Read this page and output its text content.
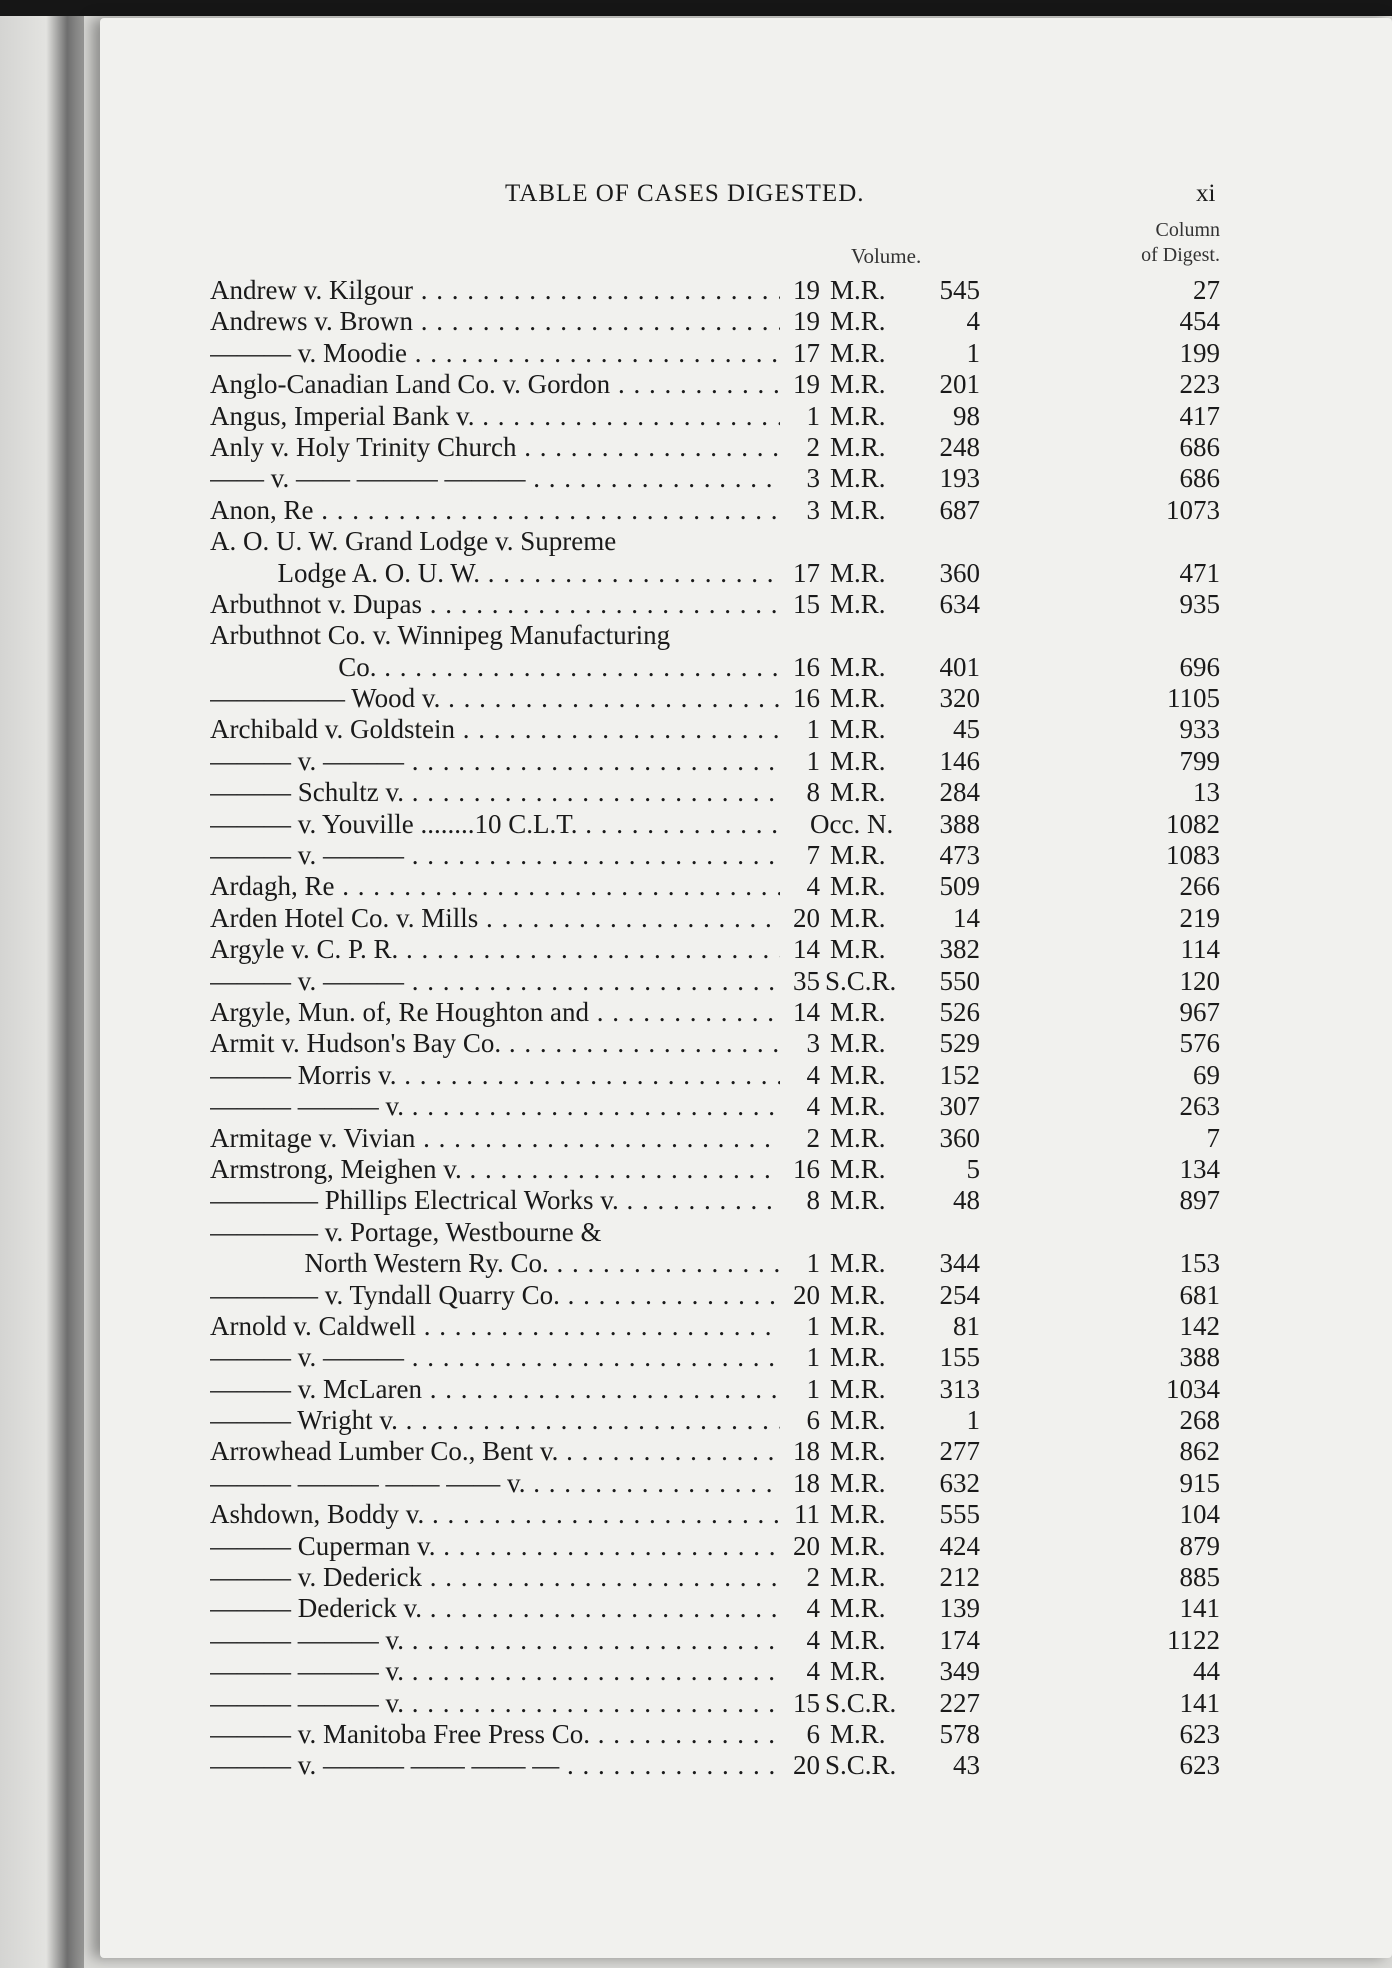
TABLE OF CASES DIGESTED.	xi
Volume.
Column
of Digest.
Andrew v. Kilgour . . .	19 M.R.	545	27
Andrews v. Brown . . .	19 M.R.	4	454
——— v. Moodie . . .	17 M.R.	1	199
Anglo-Canadian Land Co. v. Gordon . . .	19 M.R.	201	223
Angus, Imperial Bank v. . . .	1 M.R.	98	417
Anly v. Holy Trinity Church . . .	2 M.R.	248	686
—— v. —— ——— ——— . . .	3 M.R.	193	686
Anon, Re . . .	3 M.R.	687	1073
A. O. U. W. Grand Lodge v. Supreme
Lodge A. O. U. W. . . .	17 M.R.	360	471
Arbuthnot v. Dupas . . .	15 M.R.	634	935
Arbuthnot Co. v. Winnipeg Manufacturing
Co. . . .	16 M.R.	401	696
————— Wood v. . . .	16 M.R.	320	1105
Archibald v. Goldstein . . .	1 M.R.	45	933
——— v. ——— . . .	1 M.R.	146	799
——— Schultz v. . . .	8 M.R.	284	13
——— v. Youville ........10 C.L.T. . . .	Occ. N.	388	1082
——— v. ——— . . .	7 M.R.	473	1083
Ardagh, Re . . .	4 M.R.	509	266
Arden Hotel Co. v. Mills . . .	20 M.R.	14	219
Argyle v. C. P. R. . . .	14 M.R.	382	114
——— v. ——— . . .	35 S.C.R.	550	120
Argyle, Mun. of, Re Houghton and . . .	14 M.R.	526	967
Armit v. Hudson's Bay Co. . . .	3 M.R.	529	576
——— Morris v. . . .	4 M.R.	152	69
——— ——— v. . . .	4 M.R.	307	263
Armitage v. Vivian . . .	2 M.R.	360	7
Armstrong, Meighen v. . . .	16 M.R.	5	134
———— Phillips Electrical Works v. . . .	8 M.R.	48	897
———— v. Portage, Westbourne &
North Western Ry. Co. . . .	1 M.R.	344	153
———— v. Tyndall Quarry Co. . . .	20 M.R.	254	681
Arnold v. Caldwell . . .	1 M.R.	81	142
——— v. ——— . . .	1 M.R.	155	388
——— v. McLaren . . .	1 M.R.	313	1034
——— Wright v. . . .	6 M.R.	1	268
Arrowhead Lumber Co., Bent v. . . .	18 M.R.	277	862
——— ——— —— —— v. . . .	18 M.R.	632	915
Ashdown, Boddy v. . . .	11 M.R.	555	104
——— Cuperman v. . . .	20 M.R.	424	879
——— v. Dederick . . .	2 M.R.	212	885
——— Dederick v. . . .	4 M.R.	139	141
——— ——— v. . . .	4 M.R.	174	1122
——— ——— v. . . .	4 M.R.	349	44
——— ——— v. . . .	15 S.C.R.	227	141
——— v. Manitoba Free Press Co. . . .	6 M.R.	578	623
——— v. ——— —— —— — . . .	20 S.C.R.	43	623
